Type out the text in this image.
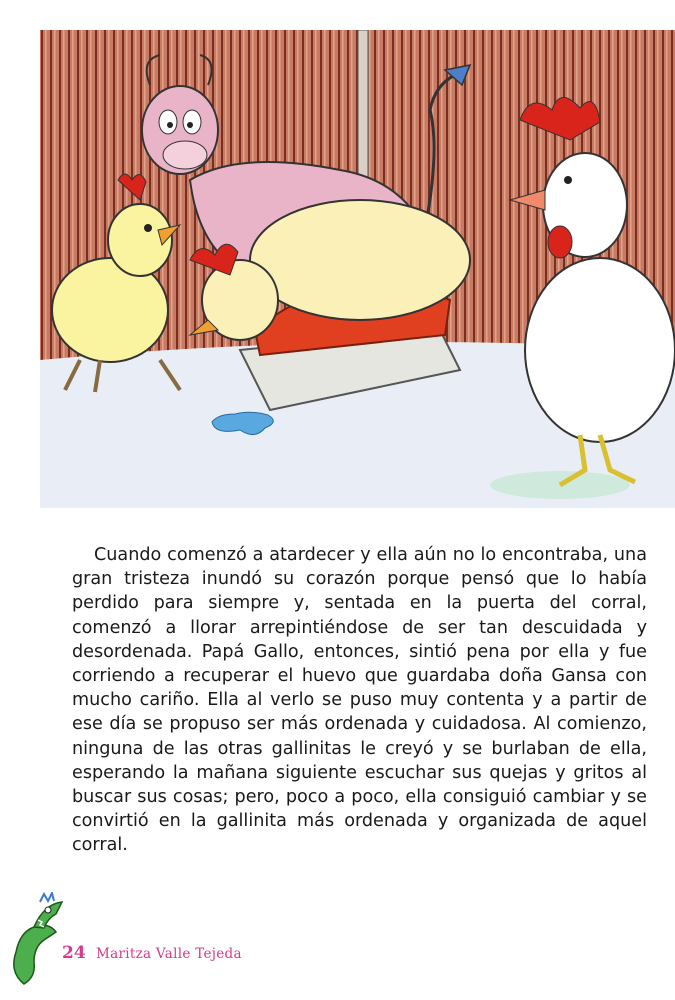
Cuando comenzó a atardecer y ella aún no lo encontraba, una gran tristeza inundó su corazón porque pensó que lo había perdido para siempre y, sentada en la puerta del corral, comenzó a llorar arrepintiéndose de ser tan descuidada y desordenada. Papá Gallo, entonces, sintió pena por ella y fue corriendo a recuperar el huevo que guardaba doña Gansa con mucho cariño. Ella al verlo se puso muy contenta y a partir de ese día se propuso ser más ordenada y cuidadosa. Al comienzo, ninguna de las otras gallinitas le creyó y se burlaban de ella, esperando la mañana siguiente escuchar sus quejas y gritos al buscar sus cosas; pero, poco a poco, ella consiguió cambiar y se convirtió en la gallinita más ordenada y organizada de aquel corral.

24 Maritza Valle Tejeda
